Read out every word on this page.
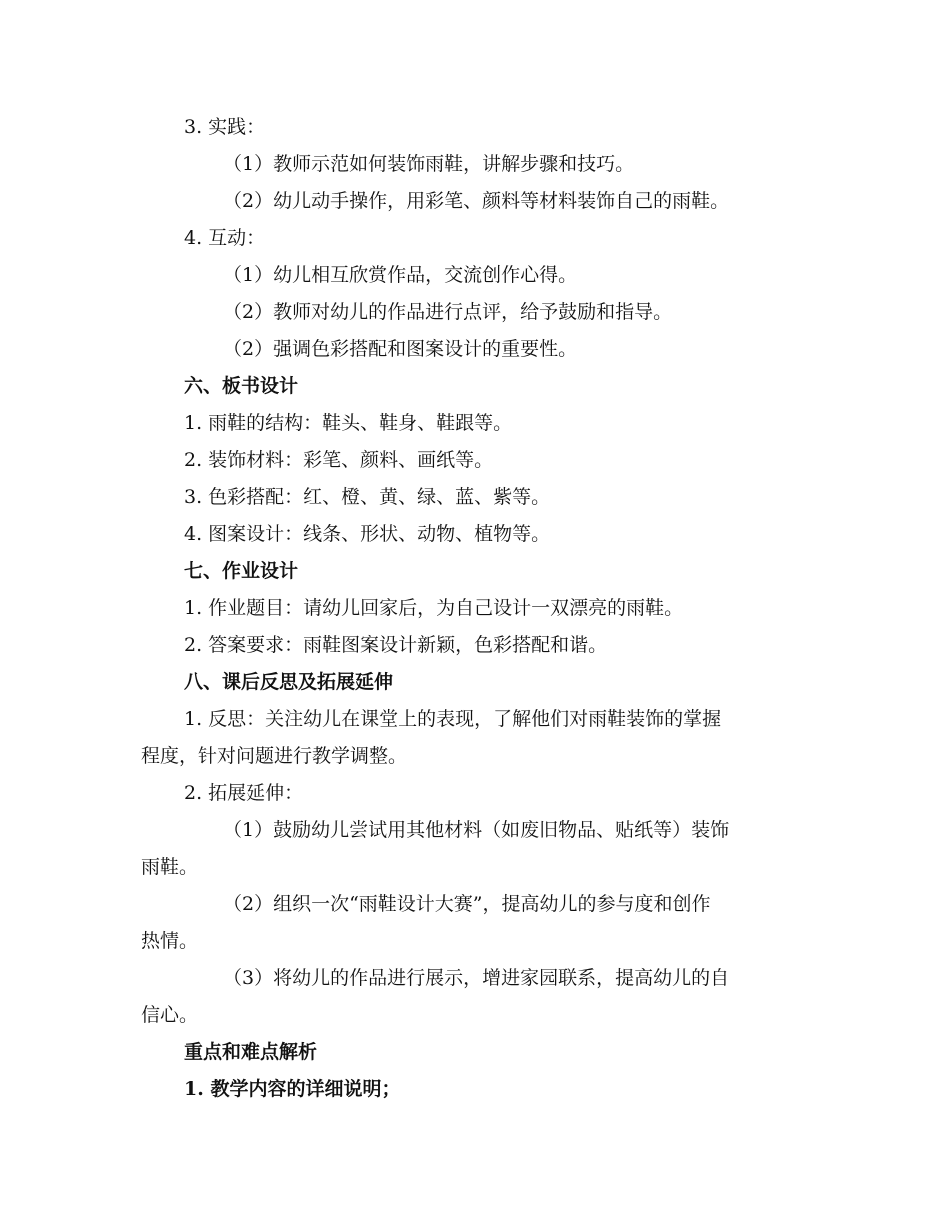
3. 实践：
（1）教师示范如何装饰雨鞋，讲解步骤和技巧。
（2）幼儿动手操作，用彩笔、颜料等材料装饰自己的雨鞋。
4. 互动：
（1）幼儿相互欣赏作品，交流创作心得。
（2）教师对幼儿的作品进行点评，给予鼓励和指导。
（2）强调色彩搭配和图案设计的重要性。
六、板书设计
1. 雨鞋的结构：鞋头、鞋身、鞋跟等。
2. 装饰材料：彩笔、颜料、画纸等。
3. 色彩搭配：红、橙、黄、绿、蓝、紫等。
4. 图案设计：线条、形状、动物、植物等。
七、作业设计
1. 作业题目：请幼儿回家后，为自己设计一双漂亮的雨鞋。
2. 答案要求：雨鞋图案设计新颖，色彩搭配和谐。
八、课后反思及拓展延伸
1. 反思：关注幼儿在课堂上的表现，了解他们对雨鞋装饰的掌握
程度，针对问题进行教学调整。
2. 拓展延伸：
（1）鼓励幼儿尝试用其他材料（如废旧物品、贴纸等）装饰
雨鞋。
（2）组织一次“雨鞋设计大赛”，提高幼儿的参与度和创作
热情。
（3）将幼儿的作品进行展示，增进家园联系，提高幼儿的自
信心。
重点和难点解析
1. 教学内容的详细说明；
